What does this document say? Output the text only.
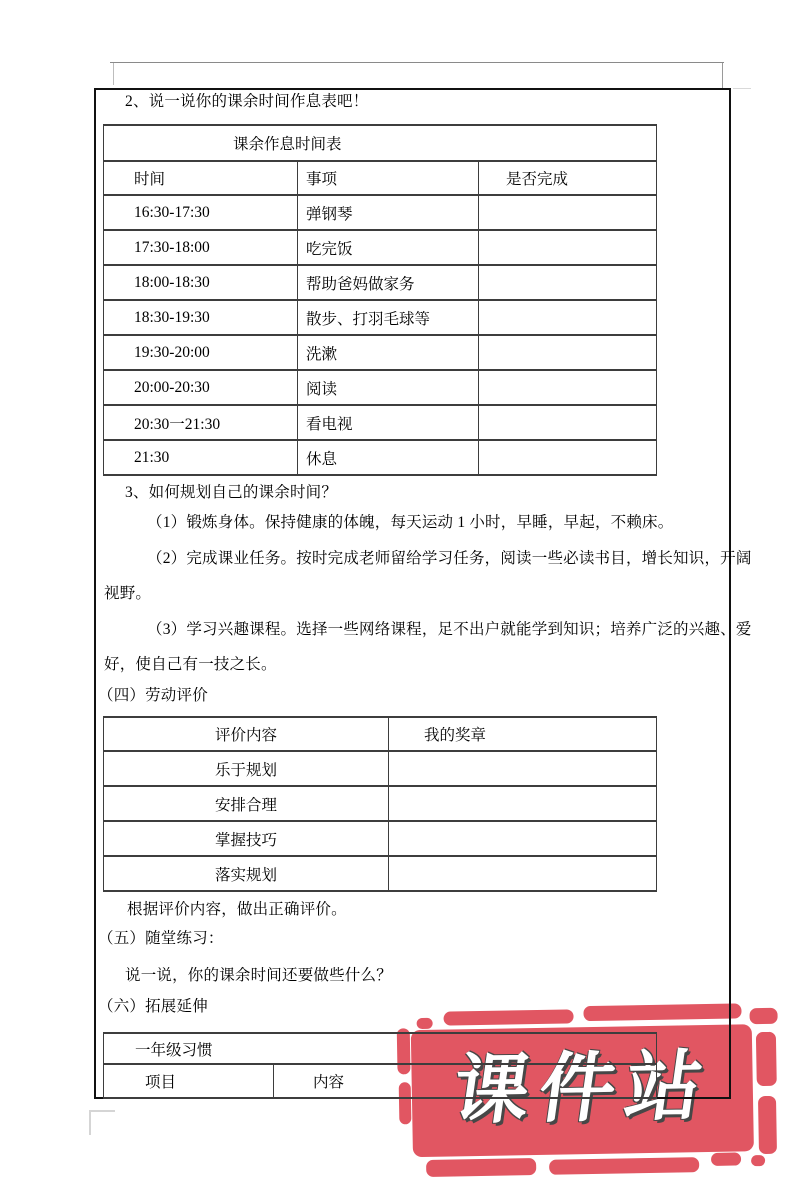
课件站
2、说一说你的课余时间作息表吧！
课余作息时间表		
时间	事项	是否完成
16:30-17:30	弹钢琴	
17:30-18:00	吃完饭	
18:00-18:30	帮助爸妈做家务	
18:30-19:30	散步、打羽毛球等	
19:30-20:00	洗漱	
20:00-20:30	阅读	
20:30一21:30	看电视	
21:30	休息	
3、如何规划自己的课余时间？
（1）锻炼身体。保持健康的体魄，每天运动 1 小时，早睡，早起，不赖床。
（2）完成课业任务。按时完成老师留给学习任务，阅读一些必读书目，增长知识，开阔
视野。
（3）学习兴趣课程。选择一些网络课程，足不出户就能学到知识；培养广泛的兴趣、爱
好，使自己有一技之长。
（四）劳动评价
评价内容	我的奖章
乐于规划	
安排合理	
掌握技巧	
落实规划	
根据评价内容，做出正确评价。
（五）随堂练习：
说一说，你的课余时间还要做些什么？
（六）拓展延伸
一年级习惯
项目	内容
